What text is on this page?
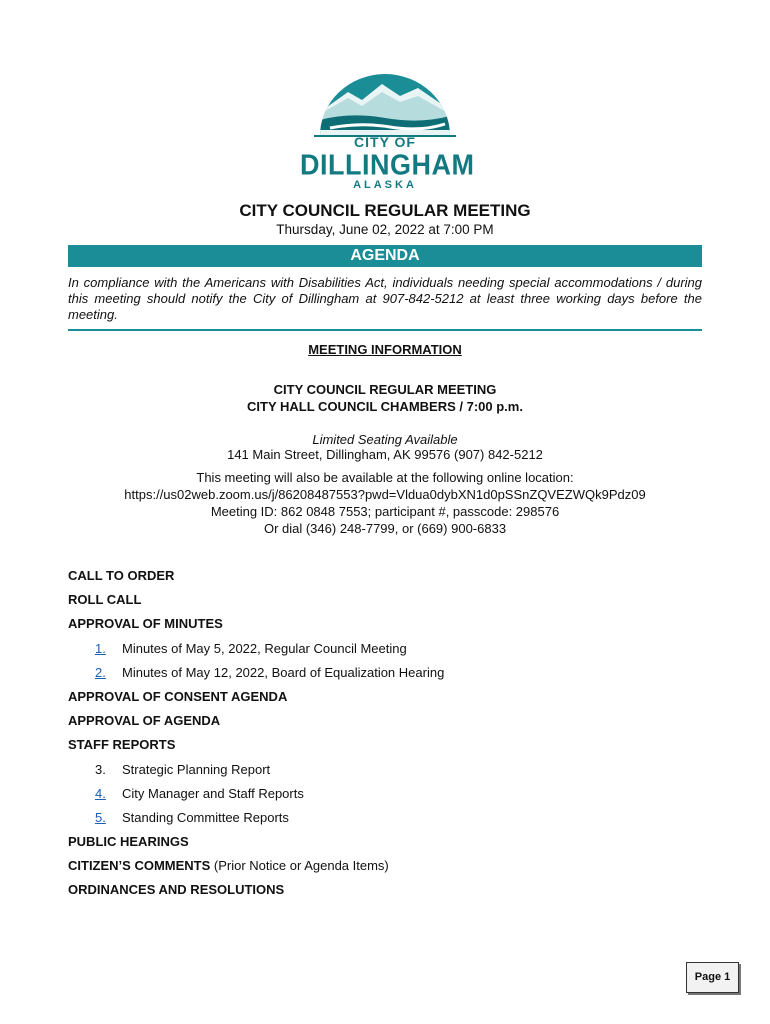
CITY OF
DILLINGHAM
ALASKA
CITY COUNCIL REGULAR MEETING
Thursday, June 02, 2022 at 7:00 PM
AGENDA
In compliance with the Americans with Disabilities Act, individuals needing special accommodations / during this meeting should notify the City of Dillingham at 907-842-5212 at least three working days before the meeting.
MEETING INFORMATION
CITY COUNCIL REGULAR MEETING
CITY HALL COUNCIL CHAMBERS / 7:00 p.m.
Limited Seating Available
141 Main Street, Dillingham, AK 99576 (907) 842-5212
This meeting will also be available at the following online location:
https://us02web.zoom.us/j/86208487553?pwd=Vldua0dybXN1d0pSSnZQVEZWQk9Pdz09
Meeting ID: 862 0848 7553; participant #, passcode: 298576
Or dial (346) 248-7799, or (669) 900-6833
CALL TO ORDER
ROLL CALL
APPROVAL OF MINUTES
1. Minutes of May 5, 2022, Regular Council Meeting
2. Minutes of May 12, 2022, Board of Equalization Hearing
APPROVAL OF CONSENT AGENDA
APPROVAL OF AGENDA
STAFF REPORTS
3. Strategic Planning Report
4. City Manager and Staff Reports
5. Standing Committee Reports
PUBLIC HEARINGS
CITIZEN’S COMMENTS (Prior Notice or Agenda Items)
ORDINANCES AND RESOLUTIONS
Page 1
